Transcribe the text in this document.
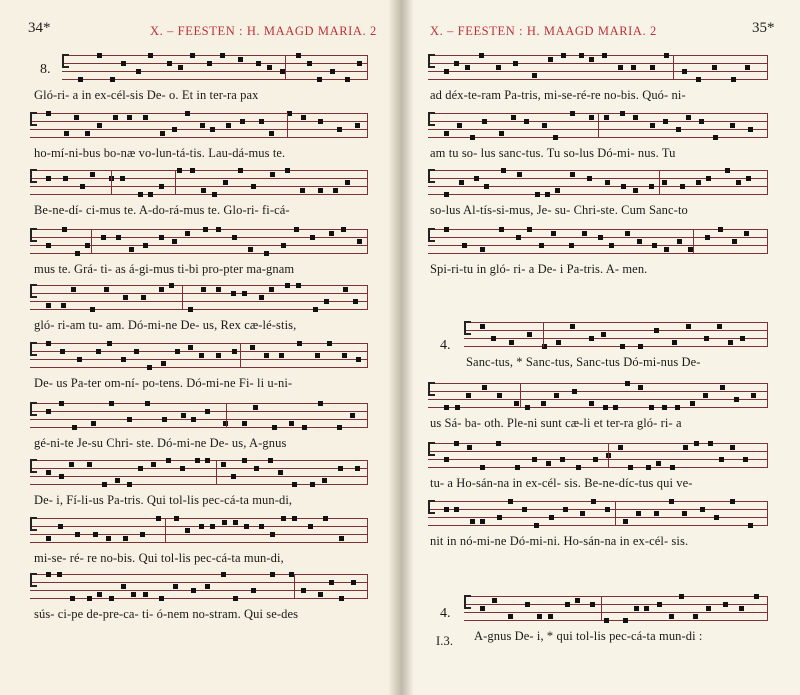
34*	X. – FEESTEN : H. MAAGD MARIA. 2
8.
Gló-ri- a in ex-cél-sis De- o. Et in ter-ra pax
ho-mí-ni-bus bo-næ vo-lun-tá-tis. Lau-dá-mus te.
Be-ne-dí- ci-mus te. A-do-rá-mus te. Glo-ri- fi-cá-
mus te. Grá- ti- as á-gi-mus ti-bi pro-pter ma-gnam
gló- ri-am tu- am. Dó-mi-ne De- us, Rex cæ-lé-stis,
De- us Pa-ter om-ní- po-tens. Dó-mi-ne Fi- li u-ni-
gé-ni-te Je-su Chri- ste. Dó-mi-ne De- us, A-gnus
De- i, Fí-li-us Pa-tris. Qui tol-lis pec-cá-ta mun-di,
mi-se- ré- re no-bis. Qui tol-lis pec-cá-ta mun-di,
sús- ci-pe de-pre-ca- ti- ó-nem no-stram. Qui se-des
X. – FEESTEN : H. MAAGD MARIA. 2	35*
ad déx-te-ram Pa-tris, mi-se-ré-re no-bis. Quó- ni-
am tu so- lus sanc-tus. Tu so-lus Dó-mi- nus. Tu
so-lus Al-tís-si-mus, Je- su- Chri-ste. Cum Sanc-to
Spi-ri-tu in gló- ri- a De- i Pa-tris. A- men.
4.
Sanc-tus, * Sanc-tus, Sanc-tus Dó-mi-nus De-
us Sá- ba- oth. Ple-ni sunt cæ-li et ter-ra gló- ri- a
tu- a Ho-sán-na in ex-cél- sis. Be-ne-díc-tus qui ve-
nit in nó-mi-ne Dó-mi-ni. Ho-sán-na in ex-cél- sis.
4.
I.3. A-gnus De- i, * qui tol-lis pec-cá-ta mun-di :
